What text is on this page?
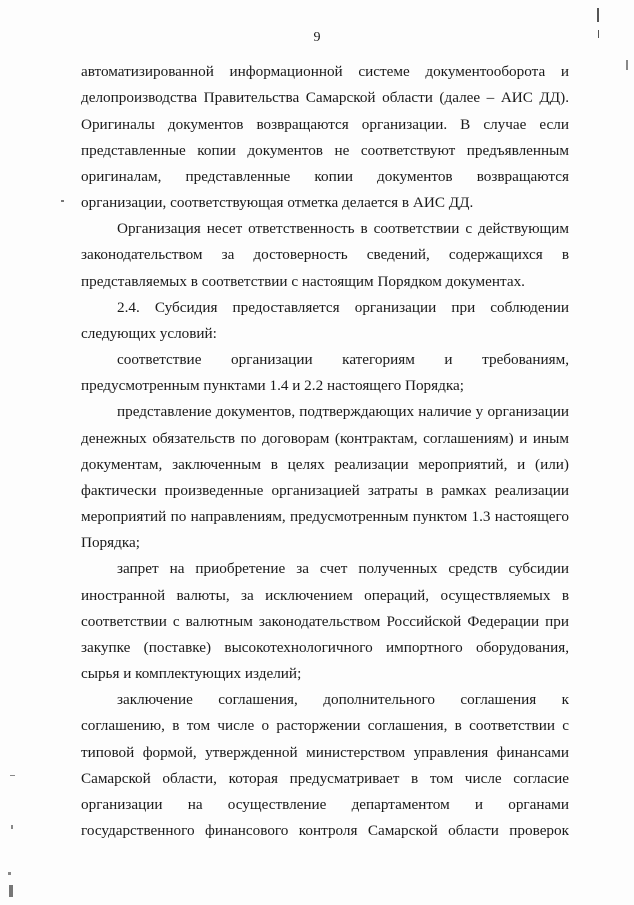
9
автоматизированной информационной системе документооборота и
делопроизводства Правительства Самарской области (далее – АИС ДД).
Оригиналы документов возвращаются организации. В случае если
представленные копии документов не соответствуют предъявленным
оригиналам, представленные копии документов возвращаются
организации, соответствующая отметка делается в АИС ДД.
Организация несет ответственность в соответствии с действующим
законодательством за достоверность сведений, содержащихся в
представляемых в соответствии с настоящим Порядком документах.
2.4. Субсидия предоставляется организации при соблюдении
следующих условий:
соответствие организации категориям и требованиям,
предусмотренным пунктами 1.4 и 2.2 настоящего Порядка;
представление документов, подтверждающих наличие у организации
денежных обязательств по договорам (контрактам, соглашениям) и иным
документам, заключенным в целях реализации мероприятий, и (или)
фактически произведенные организацией затраты в рамках реализации
мероприятий по направлениям, предусмотренным пунктом 1.3 настоящего
Порядка;
запрет на приобретение за счет полученных средств субсидии
иностранной валюты, за исключением операций, осуществляемых в
соответствии с валютным законодательством Российской Федерации при
закупке (поставке) высокотехнологичного импортного оборудования,
сырья и комплектующих изделий;
заключение соглашения, дополнительного соглашения к
соглашению, в том числе о расторжении соглашения, в соответствии с
типовой формой, утвержденной министерством управления финансами
Самарской области, которая предусматривает в том числе согласие
организации на осуществление департаментом и органами
государственного финансового контроля Самарской области проверок
